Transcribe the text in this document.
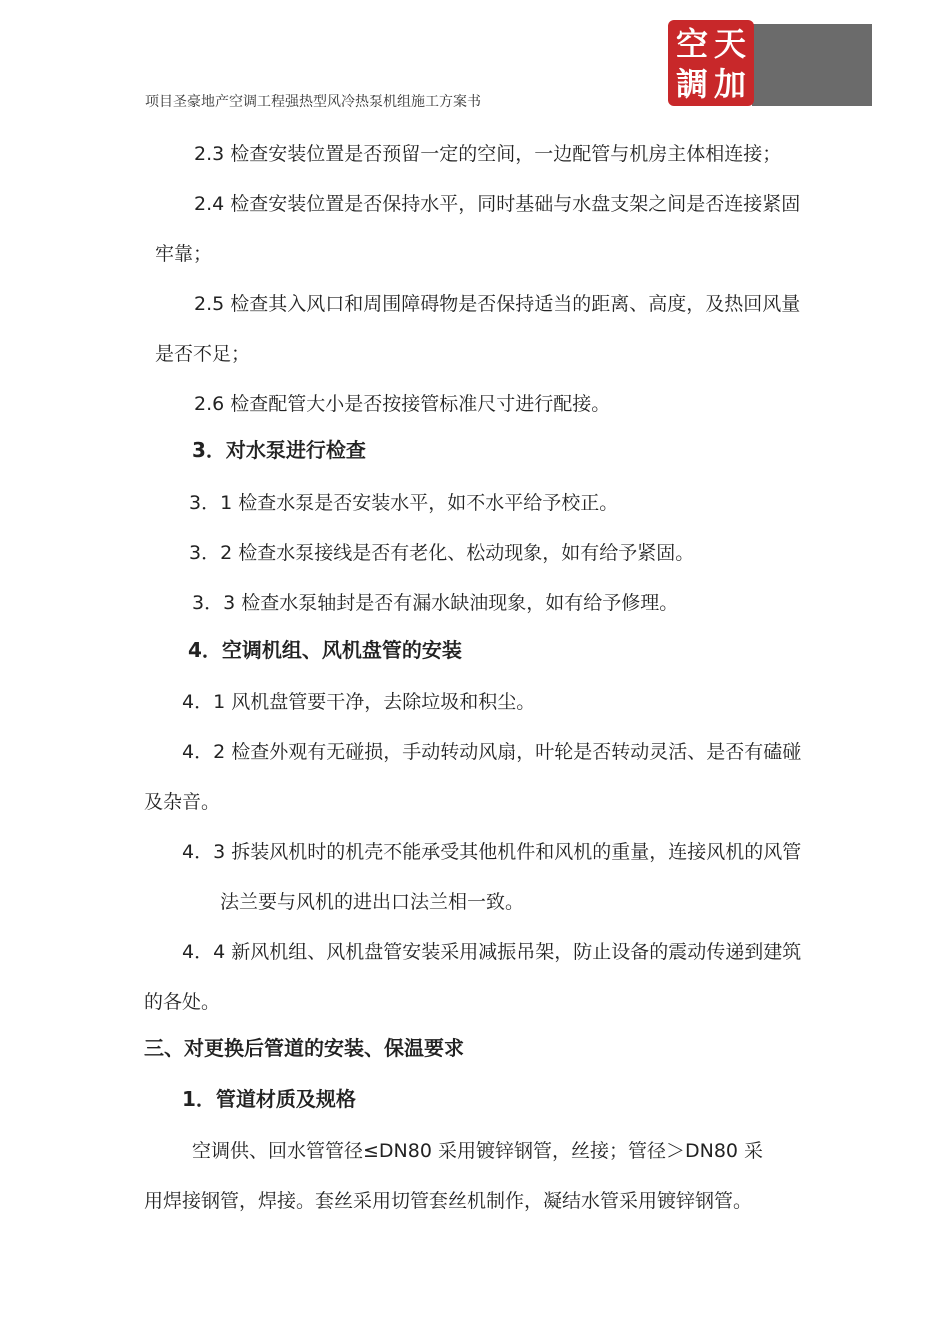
项目圣豪地产空调工程强热型风冷热泵机组施工方案书
空 天
調 加
2.3 检查安装位置是否预留一定的空间，一边配管与机房主体相连接；
2.4 检查安装位置是否保持水平，同时基础与水盘支架之间是否连接紧固
牢靠；
2.5 检查其入风口和周围障碍物是否保持适当的距离、高度，及热回风量
是否不足；
2.6 检查配管大小是否按接管标准尺寸进行配接。
3．对水泵进行检查
3．1 检查水泵是否安装水平，如不水平给予校正。
3．2 检查水泵接线是否有老化、松动现象，如有给予紧固。
3．3 检查水泵轴封是否有漏水缺油现象，如有给予修理。
4．空调机组、风机盘管的安装
4．1 风机盘管要干净，去除垃圾和积尘。
4．2 检查外观有无碰损，手动转动风扇，叶轮是否转动灵活、是否有磕碰
及杂音。
4．3 拆装风机时的机壳不能承受其他机件和风机的重量，连接风机的风管
法兰要与风机的进出口法兰相一致。
4．4 新风机组、风机盘管安装采用减振吊架，防止设备的震动传递到建筑
的各处。
三、对更换后管道的安装、保温要求
1．管道材质及规格
空调供、回水管管径≤DN80 采用镀锌钢管，丝接；管径＞DN80 采
用焊接钢管，焊接。套丝采用切管套丝机制作，凝结水管采用镀锌钢管。
